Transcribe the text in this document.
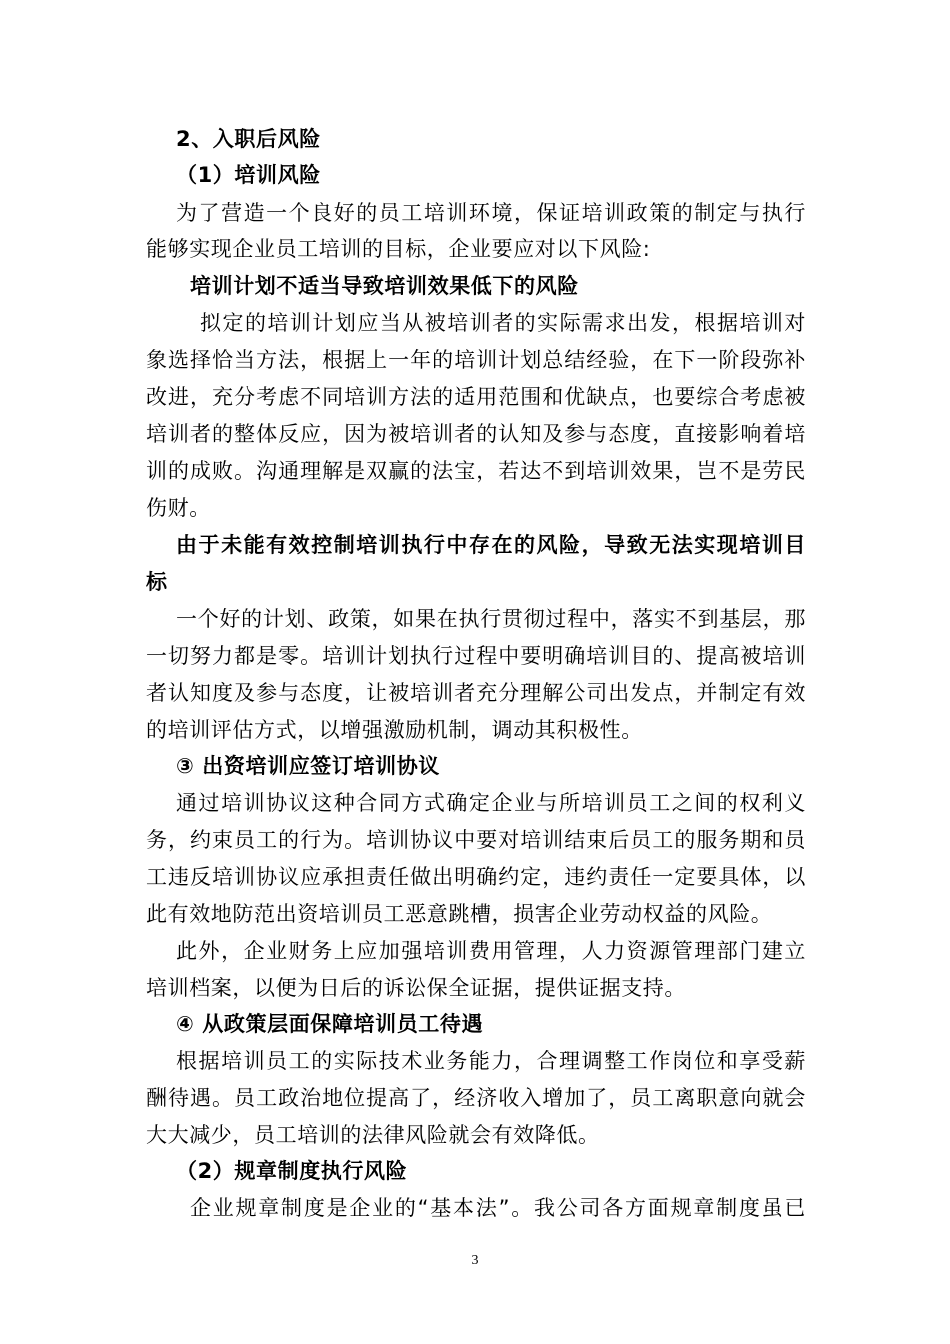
2、入职后风险
（1）培训风险
为了营造一个良好的员工培训环境，保证培训政策的制定与执行
能够实现企业员工培训的目标，企业要应对以下风险:
培训计划不适当导致培训效果低下的风险
拟定的培训计划应当从被培训者的实际需求出发，根据培训对
象选择恰当方法，根据上一年的培训计划总结经验，在下一阶段弥补
改进，充分考虑不同培训方法的适用范围和优缺点，也要综合考虑被
培训者的整体反应，因为被培训者的认知及参与态度，直接影响着培
训的成败。沟通理解是双赢的法宝，若达不到培训效果，岂不是劳民
伤财。
由于未能有效控制培训执行中存在的风险，导致无法实现培训目
标
一个好的计划、政策，如果在执行贯彻过程中，落实不到基层，那
一切努力都是零。培训计划执行过程中要明确培训目的、提高被培训
者认知度及参与态度，让被培训者充分理解公司出发点，并制定有效
的培训评估方式，以增强激励机制，调动其积极性。
③ 出资培训应签订培训协议
通过培训协议这种合同方式确定企业与所培训员工之间的权利义
务，约束员工的行为。培训协议中要对培训结束后员工的服务期和员
工违反培训协议应承担责任做出明确约定，违约责任一定要具体，以
此有效地防范出资培训员工恶意跳槽，损害企业劳动权益的风险。
此外，企业财务上应加强培训费用管理，人力资源管理部门建立
培训档案，以便为日后的诉讼保全证据，提供证据支持。
④ 从政策层面保障培训员工待遇
根据培训员工的实际技术业务能力，合理调整工作岗位和享受薪
酬待遇。员工政治地位提高了，经济收入增加了，员工离职意向就会
大大减少，员工培训的法律风险就会有效降低。
（2）规章制度执行风险
企业规章制度是企业的“基本法”。我公司各方面规章制度虽已
3
